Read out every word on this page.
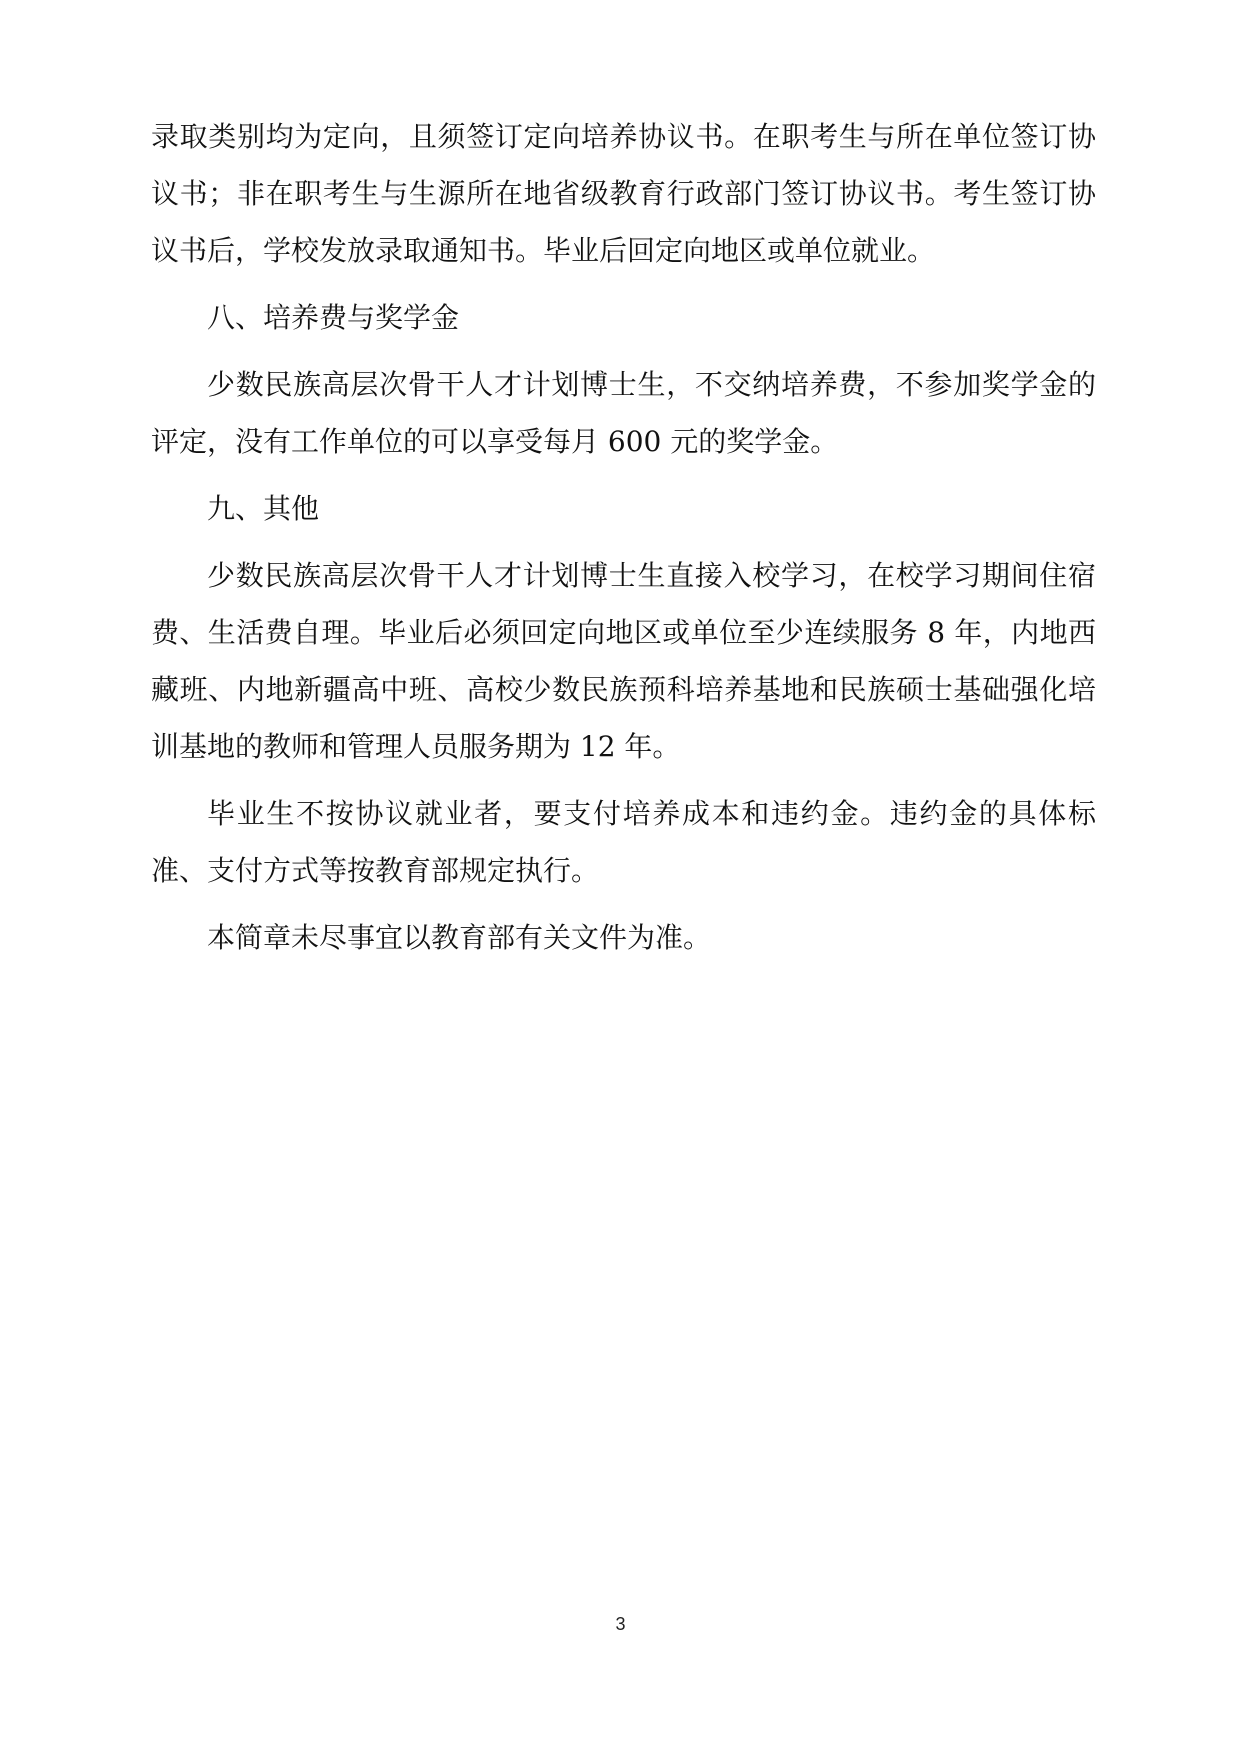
录取类别均为定向，且须签订定向培养协议书。在职考生与所在单位签订协议书；非在职考生与生源所在地省级教育行政部门签订协议书。考生签订协议书后，学校发放录取通知书。毕业后回定向地区或单位就业。

八、培养费与奖学金

少数民族高层次骨干人才计划博士生，不交纳培养费，不参加奖学金的评定，没有工作单位的可以享受每月 600 元的奖学金。

九、其他

少数民族高层次骨干人才计划博士生直接入校学习，在校学习期间住宿费、生活费自理。毕业后必须回定向地区或单位至少连续服务 8 年，内地西藏班、内地新疆高中班、高校少数民族预科培养基地和民族硕士基础强化培训基地的教师和管理人员服务期为 12 年。

毕业生不按协议就业者，要支付培养成本和违约金。违约金的具体标准、支付方式等按教育部规定执行。

本简章未尽事宜以教育部有关文件为准。

3
